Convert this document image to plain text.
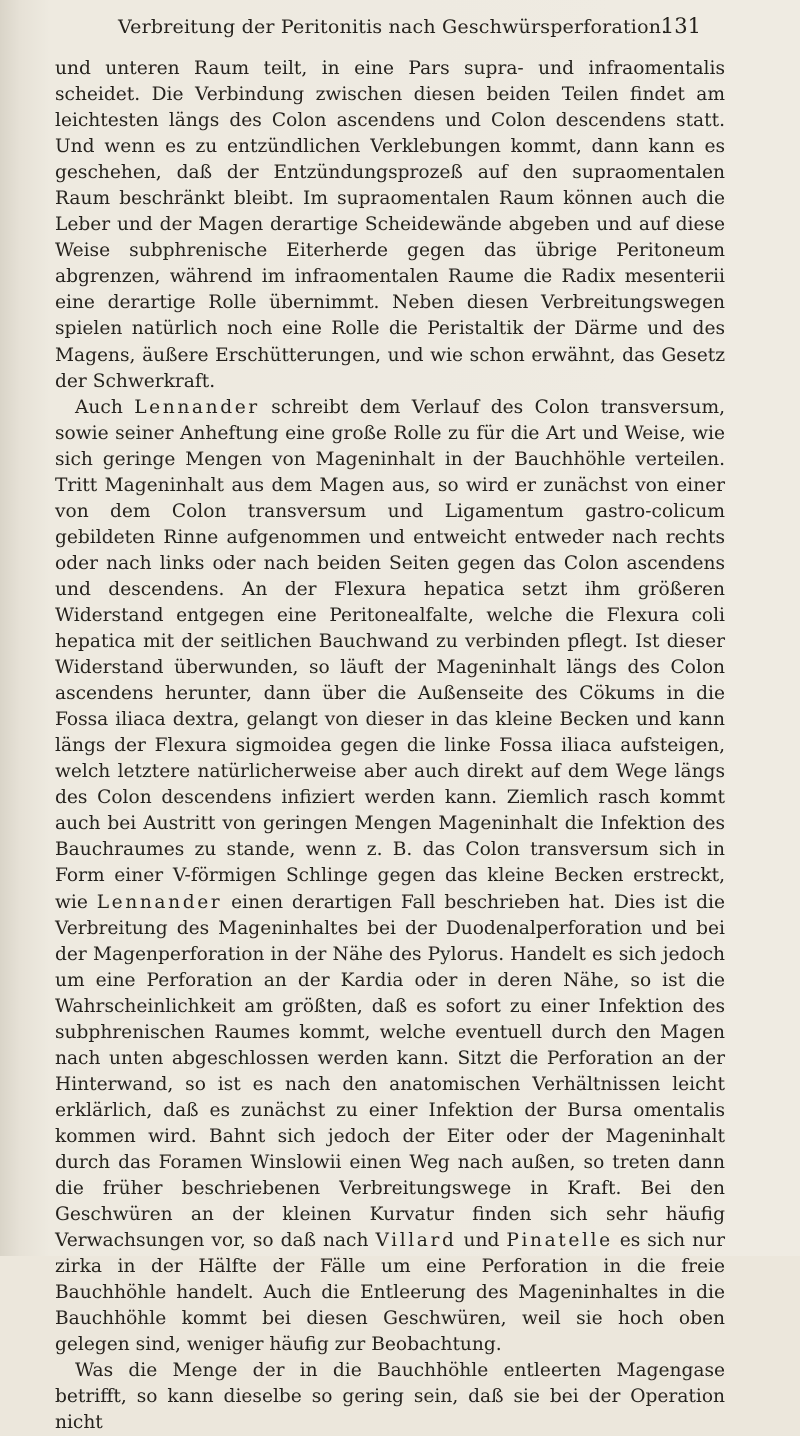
Verbreitung der Peritonitis nach Geschwürsperforation.
131

und unteren Raum teilt, in eine Pars supra- und infraomentalis scheidet. Die Verbindung zwischen diesen beiden Teilen findet am leichtesten längs des Colon ascendens und Colon descendens statt. Und wenn es zu entzündlichen Verklebungen kommt, dann kann es geschehen, daß der Entzündungsprozeß auf den supraomentalen Raum beschränkt bleibt. Im supraomentalen Raum können auch die Leber und der Magen derartige Scheidewände abgeben und auf diese Weise subphrenische Eiterherde gegen das übrige Peritoneum abgrenzen, während im infraomentalen Raume die Radix mesenterii eine derartige Rolle übernimmt. Neben diesen Verbreitungswegen spielen natürlich noch eine Rolle die Peristaltik der Därme und des Magens, äußere Erschütterungen, und wie schon erwähnt, das Gesetz der Schwerkraft.

Auch Lennander schreibt dem Verlauf des Colon transversum, sowie seiner Anheftung eine große Rolle zu für die Art und Weise, wie sich geringe Mengen von Mageninhalt in der Bauchhöhle verteilen. Tritt Mageninhalt aus dem Magen aus, so wird er zunächst von einer von dem Colon transversum und Ligamentum gastro-colicum gebildeten Rinne aufgenommen und entweicht entweder nach rechts oder nach links oder nach beiden Seiten gegen das Colon ascendens und descendens. An der Flexura hepatica setzt ihm größeren Widerstand entgegen eine Peritonealfalte, welche die Flexura coli hepatica mit der seitlichen Bauchwand zu verbinden pflegt. Ist dieser Widerstand überwunden, so läuft der Mageninhalt längs des Colon ascendens herunter, dann über die Außenseite des Cökums in die Fossa iliaca dextra, gelangt von dieser in das kleine Becken und kann längs der Flexura sigmoidea gegen die linke Fossa iliaca aufsteigen, welch letztere natürlicherweise aber auch direkt auf dem Wege längs des Colon descendens infiziert werden kann. Ziemlich rasch kommt auch bei Austritt von geringen Mengen Mageninhalt die Infektion des Bauchraumes zu stande, wenn z. B. das Colon transversum sich in Form einer V-förmigen Schlinge gegen das kleine Becken erstreckt, wie Lennander einen derartigen Fall beschrieben hat. Dies ist die Verbreitung des Mageninhaltes bei der Duodenalperforation und bei der Magenperforation in der Nähe des Pylorus. Handelt es sich jedoch um eine Perforation an der Kardia oder in deren Nähe, so ist die Wahrscheinlichkeit am größten, daß es sofort zu einer Infektion des subphrenischen Raumes kommt, welche eventuell durch den Magen nach unten abgeschlossen werden kann. Sitzt die Perforation an der Hinterwand, so ist es nach den anatomischen Verhältnissen leicht erklärlich, daß es zunächst zu einer Infektion der Bursa omentalis kommen wird. Bahnt sich jedoch der Eiter oder der Mageninhalt durch das Foramen Winslowii einen Weg nach außen, so treten dann die früher beschriebenen Verbreitungswege in Kraft. Bei den Geschwüren an der kleinen Kurvatur finden sich sehr häufig Verwachsungen vor, so daß nach Villard und Pinatelle es sich nur zirka in der Hälfte der Fälle um eine Perforation in die freie Bauchhöhle handelt. Auch die Entleerung des Mageninhaltes in die Bauchhöhle kommt bei diesen Geschwüren, weil sie hoch oben gelegen sind, weniger häufig zur Beobachtung.

Was die Menge der in die Bauchhöhle entleerten Magengase betrifft, so kann dieselbe so gering sein, daß sie bei der Operation nicht
